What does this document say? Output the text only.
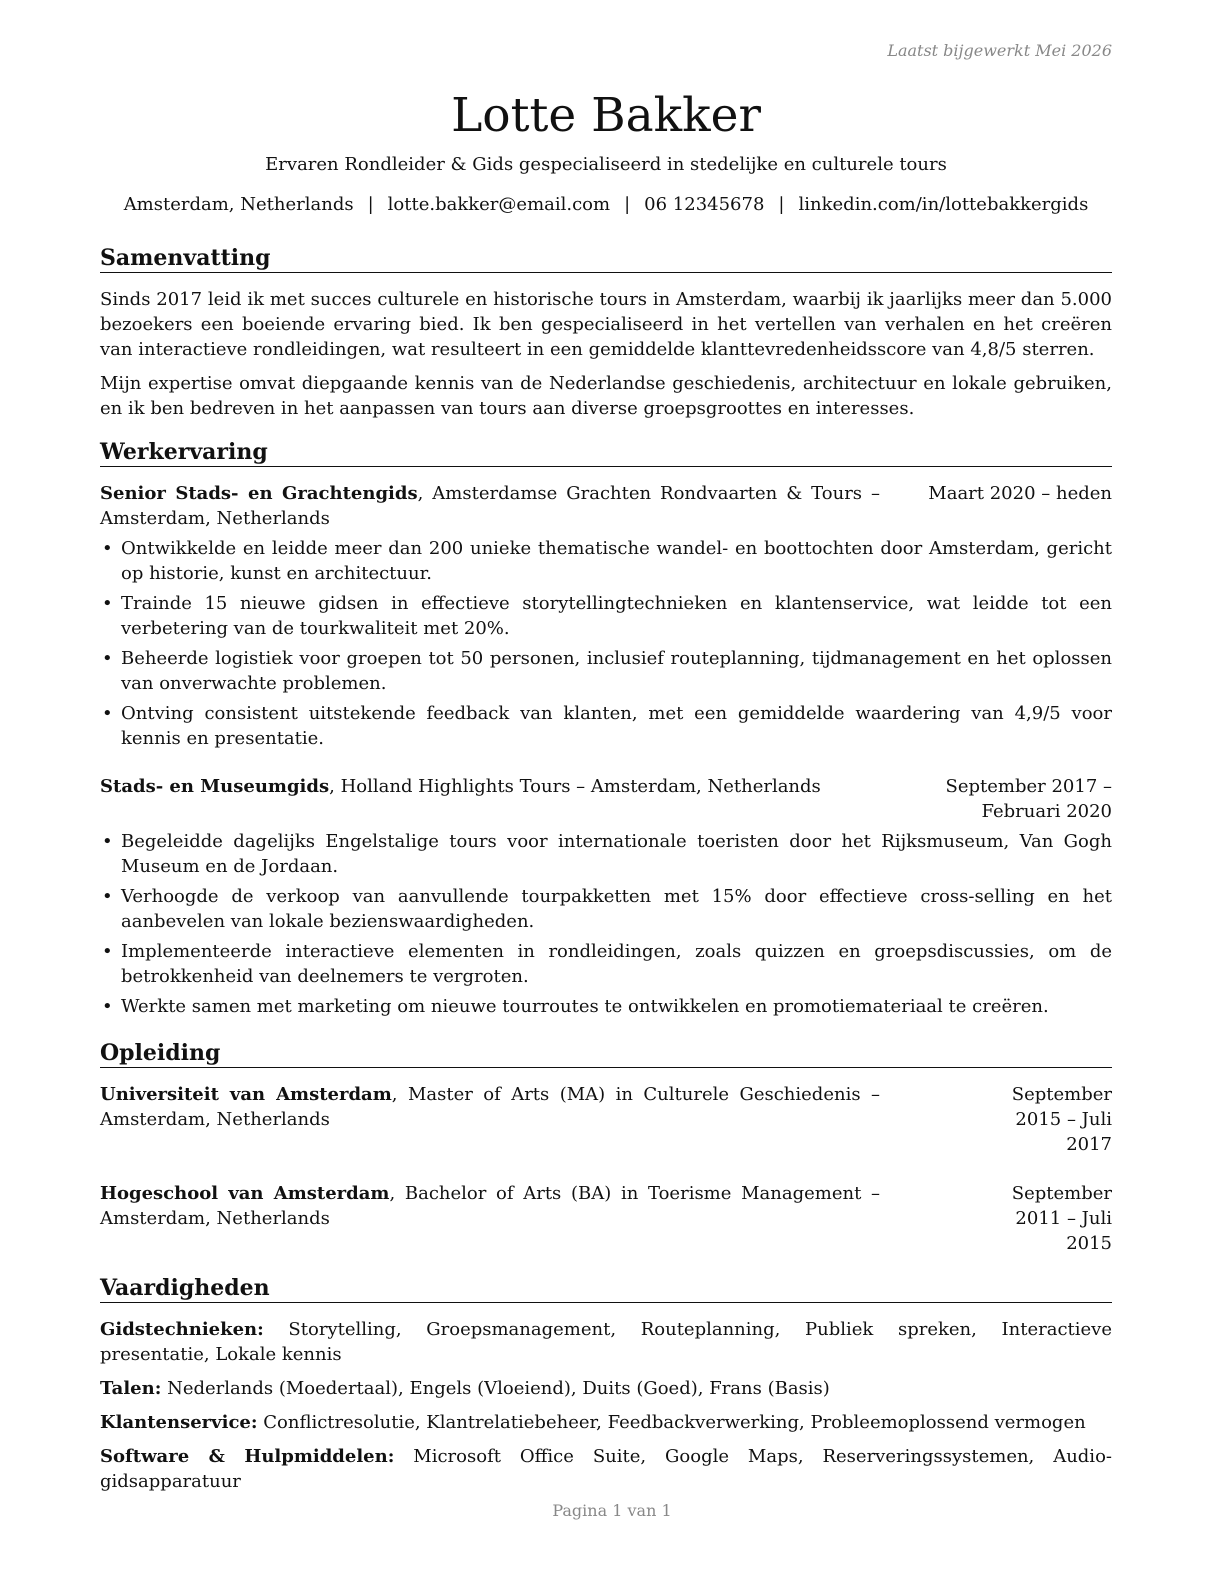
Laatst bijgewerkt Mei 2026
Lotte Bakker
Ervaren Rondleider & Gids gespecialiseerd in stedelijke en culturele tours
Amsterdam, Netherlands | lotte.bakker@email.com | 06 12345678 | linkedin.com/in/lottebakkergids
Samenvatting

Sinds 2017 leid ik met succes culturele en historische tours in Amsterdam, waarbij ik jaarlijks meer dan 5.000 bezoekers een boeiende ervaring bied. Ik ben gespecialiseerd in het vertellen van verhalen en het creëren van interactieve rondleidingen, wat resulteert in een gemiddelde klanttevredenheidsscore van 4,8/5 sterren.

Mijn expertise omvat diepgaande kennis van de Nederlandse geschiedenis, architectuur en lokale gebruiken, en ik ben bedreven in het aanpassen van tours aan diverse groepsgroottes en interesses.

Werkervaring
Senior Stads- en Grachtengids, Amsterdamse Grachten Rondvaarten & Tours – Amsterdam, Netherlands
Maart 2020 – heden
• Ontwikkelde en leidde meer dan 200 unieke thematische wandel- en boottochten door Amsterdam, gericht op historie, kunst en architectuur.
• Trainde 15 nieuwe gidsen in effectieve storytellingtechnieken en klantenservice, wat leidde tot een verbetering van de tourkwaliteit met 20%.
• Beheerde logistiek voor groepen tot 50 personen, inclusief routeplanning, tijdmanagement en het oplossen van onverwachte problemen.
• Ontving consistent uitstekende feedback van klanten, met een gemiddelde waardering van 4,9/5 voor kennis en presentatie.
Stads- en Museumgids, Holland Highlights Tours – Amsterdam, Netherlands	September 2017 – Februari 2020
• Begeleidde dagelijks Engelstalige tours voor internationale toeristen door het Rijksmuseum, Van Gogh Museum en de Jordaan.
• Verhoogde de verkoop van aanvullende tourpakketten met 15% door effectieve cross-selling en het aanbevelen van lokale bezienswaardigheden.
• Implementeerde interactieve elementen in rondleidingen, zoals quizzen en groepsdiscussies, om de betrokkenheid van deelnemers te vergroten.
• Werkte samen met marketing om nieuwe tourroutes te ontwikkelen en promotiemateriaal te creëren.
Opleiding
Universiteit van Amsterdam, Master of Arts (MA) in Culturele Geschiedenis – Amsterdam, Netherlands
September 2015 – Juli 2017
Hogeschool van Amsterdam, Bachelor of Arts (BA) in Toerisme Management – Amsterdam, Netherlands
September 2011 – Juli 2015
Vaardigheden
Gidstechnieken: Storytelling, Groepsmanagement, Routeplanning, Publiek spreken, Interactieve presentatie, Lokale kennis
Talen: Nederlands (Moedertaal), Engels (Vloeiend), Duits (Goed), Frans (Basis)
Klantenservice: Conflictresolutie, Klantrelatiebeheer, Feedbackverwerking, Probleemoplossend vermogen
Software & Hulpmiddelen: Microsoft Office Suite, Google Maps, Reserveringssystemen, Audio-gidsapparatuur
Pagina 1 van 1
